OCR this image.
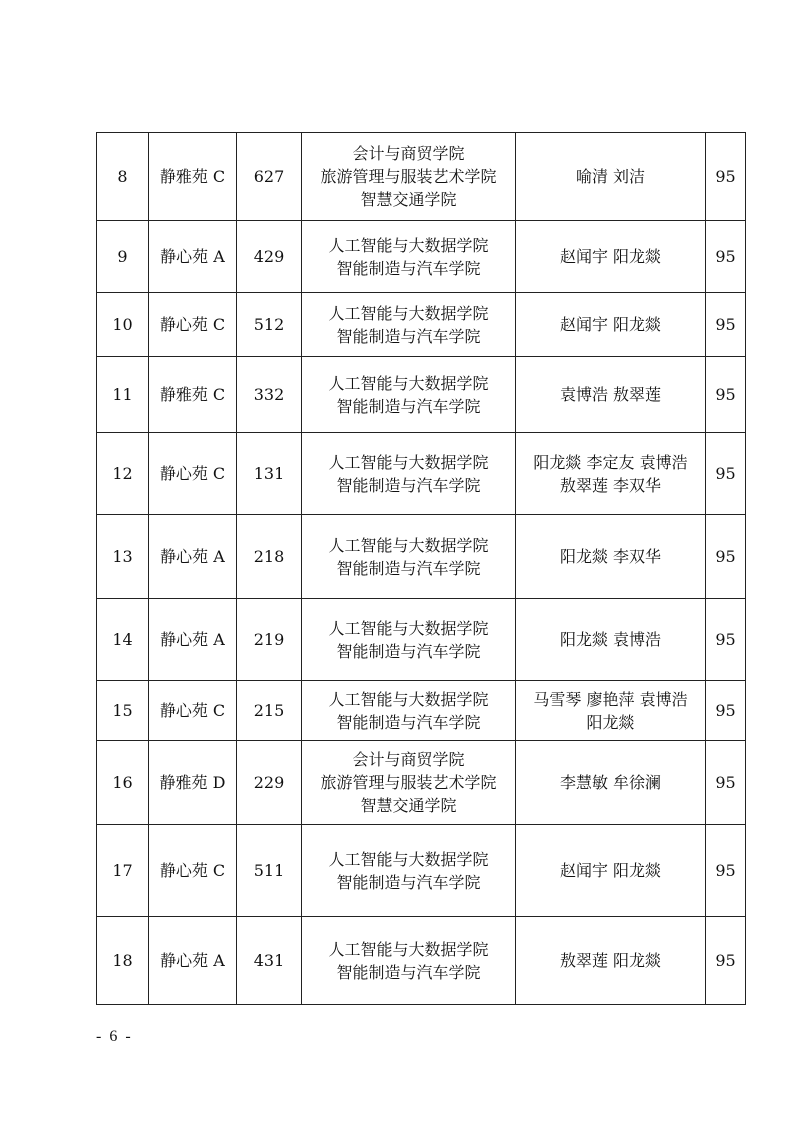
8	静雅苑 C	627	会计与商贸学院
旅游管理与服装艺术学院
智慧交通学院	喻清 刘洁	95
9	静心苑 A	429	人工智能与大数据学院
智能制造与汽车学院	赵闻宇 阳龙燚	95
10	静心苑 C	512	人工智能与大数据学院
智能制造与汽车学院	赵闻宇 阳龙燚	95
11	静雅苑 C	332	人工智能与大数据学院
智能制造与汽车学院	袁博浩 敖翠莲	95
12	静心苑 C	131	人工智能与大数据学院
智能制造与汽车学院	阳龙燚 李定友 袁博浩
敖翠莲 李双华	95
13	静心苑 A	218	人工智能与大数据学院
智能制造与汽车学院	阳龙燚 李双华	95
14	静心苑 A	219	人工智能与大数据学院
智能制造与汽车学院	阳龙燚 袁博浩	95
15	静心苑 C	215	人工智能与大数据学院
智能制造与汽车学院	马雪琴 廖艳萍 袁博浩
阳龙燚	95
16	静雅苑 D	229	会计与商贸学院
旅游管理与服装艺术学院
智慧交通学院	李慧敏 牟徐澜	95
17	静心苑 C	511	人工智能与大数据学院
智能制造与汽车学院	赵闻宇 阳龙燚	95
18	静心苑 A	431	人工智能与大数据学院
智能制造与汽车学院	敖翠莲 阳龙燚	95
- 6 -
